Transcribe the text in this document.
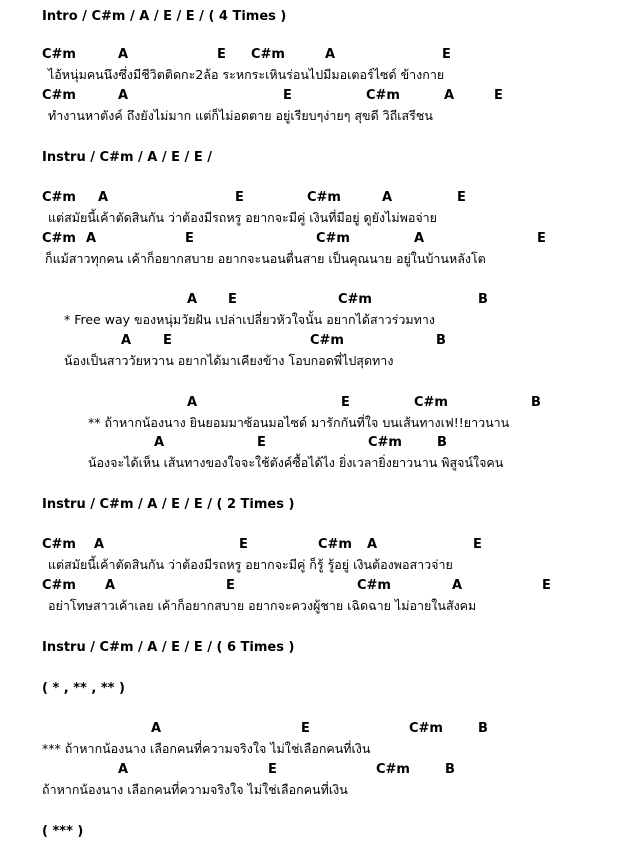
Intro / C#m / A / E / E / ( 4 Times )
C#m	A	E C#m	A	E
ไอ้หนุ่มคนนึงซึ่งมีชีวิตติดกะ2ล้อ ระหกระเหินร่อนไปมีมอเตอร์ไซด์ ข้างกาย
C#m	A	E	C#m	A	E
ทำงานหาตังค์ ถึงยังไม่มาก แต่ก็ไม่อดตาย อยู่เรียบๆง่ายๆ สุขดี วิถีเสรีชน
Instru / C#m / A / E / E /
C#m A	E	C#m	A	E
แต่สมัยนี้เค้าตัดสินกัน ว่าต้องมีรถหรู อยากจะมีคู่ เงินที่มีอยู่ ดูยังไม่พอจ่าย
C#m A	E	C#m	A	E
ก็แม้สาวทุกคน เค้าก็อยากสบาย อยากจะนอนตื่นสาย เป็นคุณนาย อยู่ในบ้านหลังโต
A E	C#m	B
* Free way ของหนุ่มวัยฝัน เปล่าเปลี่ยวหัวใจนั้น อยากได้สาวร่วมทาง
A E	C#m	B
น้องเป็นสาววัยหวาน อยากได้มาเคียงข้าง โอบกอดพี่ไปสุดทาง
A	E	C#m	B
** ถ้าหากน้องนาง ยินยอมมาซ้อนมอไซด์ มารักกันที่ใจ บนเส้นทางเฟ!!ยาวนาน
A	E	C#m	B
น้องจะได้เห็น เส้นทางของใจจะใช้ตังค์ซื้อได้ไง ยิ่งเวลายิ่งยาวนาน พิสูจน์ใจคน
Instru / C#m / A / E / E / ( 2 Times )
C#m A	E	C#m A	E
แต่สมัยนี้เค้าตัดสินกัน ว่าต้องมีรถหรู อยากจะมีคู่ ก็รู้ รู้อยู่ เงินต้องพอสาวจ่าย
C#m A	E	C#m	A	E
อย่าโทษสาวเค้าเลย เค้าก็อยากสบาย อยากจะควงผู้ชาย เฉิดฉาย ไม่อายในสังคม
Instru / C#m / A / E / E / ( 6 Times )
( * , ** , ** )
A	E	C#m	B
*** ถ้าหากน้องนาง เลือกคนที่ความจริงใจ ไม่ใช่เลือกคนที่เงิน
A	E	C#m	B
ถ้าหากน้องนาง เลือกคนที่ความจริงใจ ไม่ใช่เลือกคนที่เงิน
( *** )
